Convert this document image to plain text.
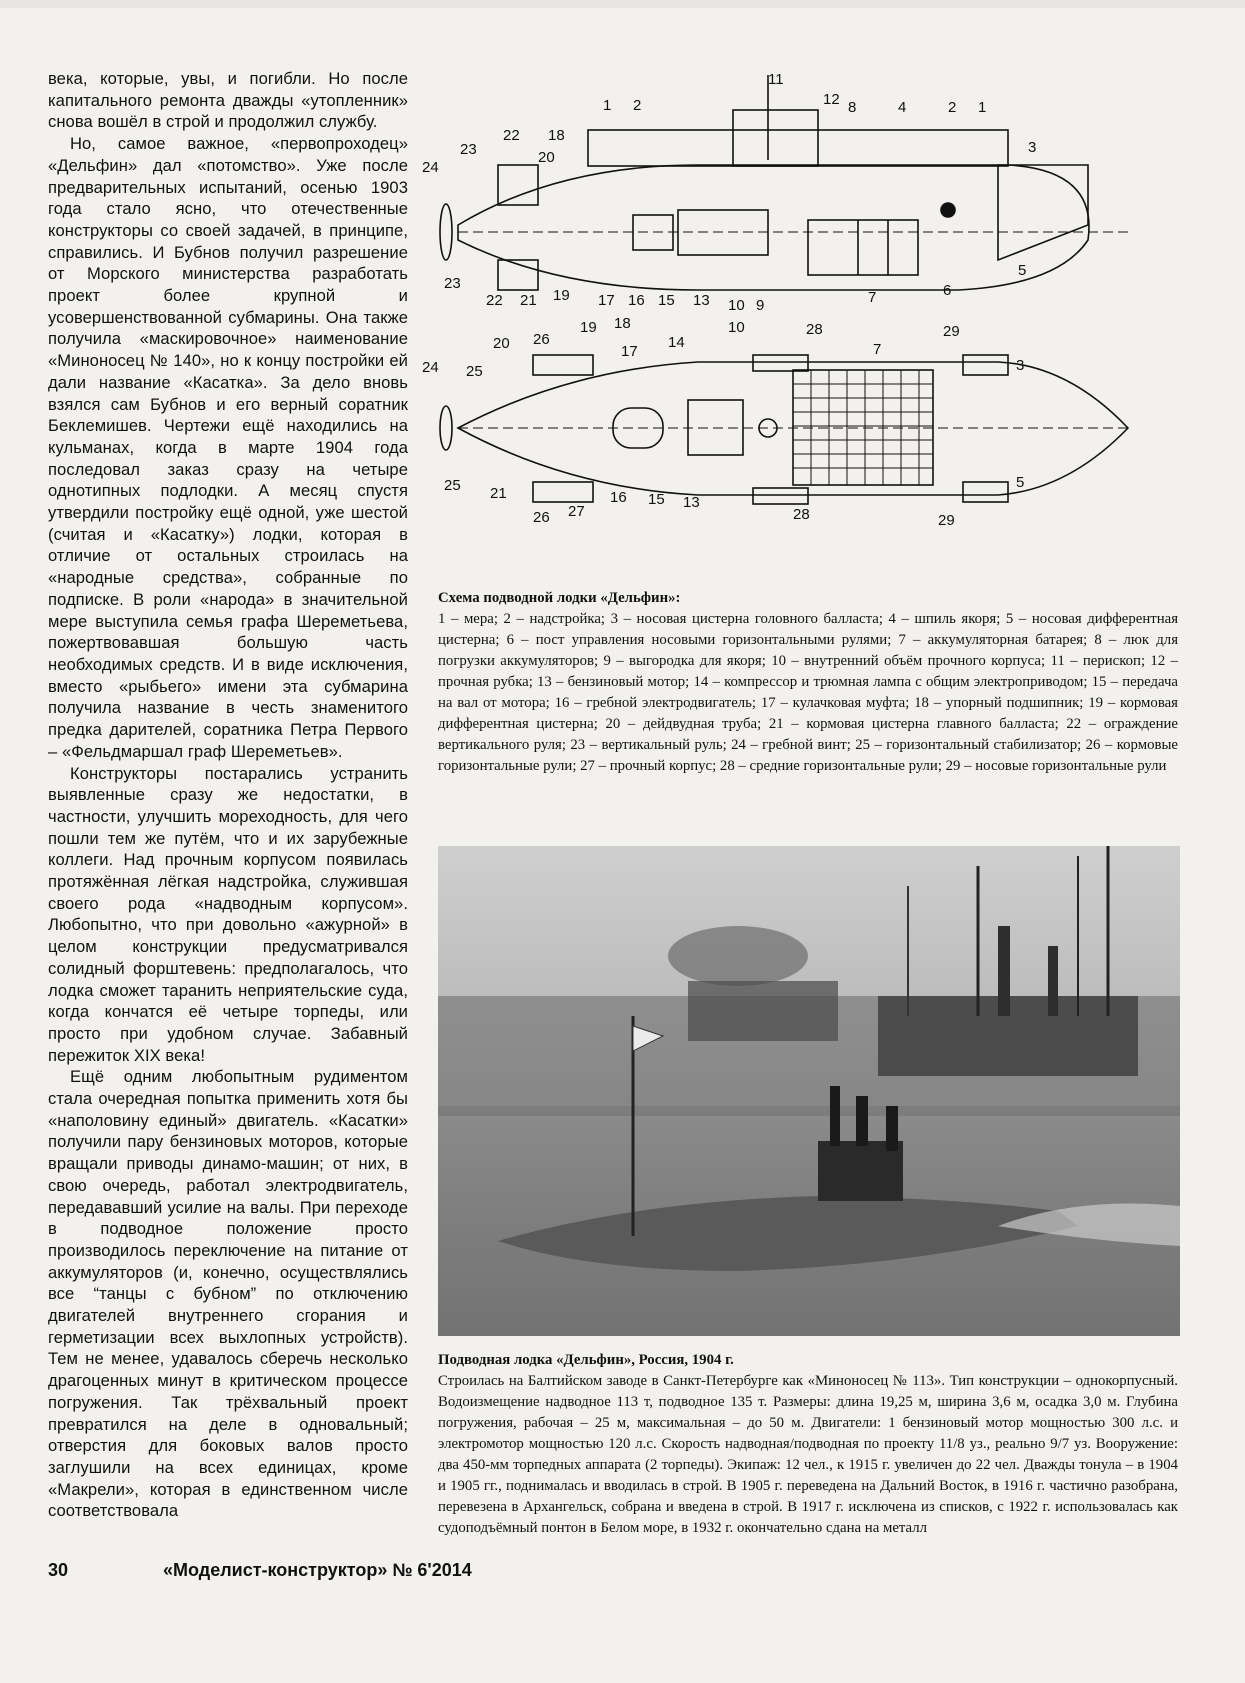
века, которые, увы, и погибли. Но после капитального ремонта дважды «утопленник» снова вошёл в строй и продолжил службу.

Но, самое важное, «первопроходец» «Дельфин» дал «потомство». Уже после предварительных испытаний, осенью 1903 года стало ясно, что отечественные конструкторы со своей задачей, в принципе, справились. И Бубнов получил разрешение от Морского министерства разработать проект более крупной и усовершенствованной субмарины. Она также получила «маскировочное» наименование «Миноносец № 140», но к концу постройки ей дали название «Касатка». За дело вновь взялся сам Бубнов и его верный соратник Беклемишев. Чертежи ещё находились на кульманах, когда в марте 1904 года последовал заказ сразу на четыре однотипных подлодки. А месяц спустя утвердили постройку ещё одной, уже шестой (считая и «Касатку») лодки, которая в отличие от остальных строилась на «народные средства», собранные по подписке. В роли «народа» в значительной мере выступила семья графа Шереметьева, пожертвовавшая большую часть необходимых средств. И в виде исключения, вместо «рыбьего» имени эта субмарина получила название в честь знаменитого предка дарителей, соратника Петра Первого – «Фельдмаршал граф Шереметьев».

Конструкторы постарались устранить выявленные сразу же недостатки, в частности, улучшить мореходность, для чего пошли тем же путём, что и их зарубежные коллеги. Над прочным корпусом появилась протяжённая лёгкая надстройка, служившая своего рода «надводным корпусом». Любопытно, что при довольно «ажурной» в целом конструкции предусматривался солидный форштевень: предполагалось, что лодка сможет таранить неприятельские суда, когда кончатся её четыре торпеды, или просто при удобном случае. Забавный пережиток XIX века!

Ещё одним любопытным рудиментом стала очередная попытка применить хотя бы «наполовину единый» двигатель. «Касатки» получили пару бензиновых моторов, которые вращали приводы динамо-машин; от них, в свою очередь, работал электродвигатель, передававший усилие на валы. При переходе в подводное положение просто производилось переключение на питание от аккумуляторов (и, конечно, осуществлялись все “танцы с бубном” по отключению двигателей внутреннего сгорания и герметизации всех выхлопных устройств). Тем не менее, удавалось сберечь несколько драгоценных минут в критическом процессе погружения. Так трёхвальный проект превратился на деле в одновальный; отверстия для боковых валов просто заглушили на всех единицах, кроме «Макрели», которая в единственном числе соответствовала

11
1 2	12 8	4	2 1
3
5
6
7
9
10
13
15
16
17
18
19
20
21
22
22
23
23
24
19 18
17
14
10	28
7
29
3
5
29
28
13
15
16
27
26
26
21
25
25
20
24
Схема подводной лодки «Дельфин»:
1 – мера; 2 – надстройка; 3 – носовая цистерна головного балласта; 4 – шпиль якоря; 5 – носовая дифферентная цистерна; 6 – пост управления носовыми горизонтальными рулями; 7 – аккумуляторная батарея; 8 – люк для погрузки аккумуляторов; 9 – выгородка для якоря; 10 – внутренний объём прочного корпуса; 11 – перископ; 12 – прочная рубка; 13 – бензиновый мотор; 14 – компрессор и трюмная лампа с общим электроприводом; 15 – передача на вал от мотора; 16 – гребной электродвигатель; 17 – кулачковая муфта; 18 – упорный подшипник; 19 – кормовая дифферентная цистерна; 20 – дейдвудная труба; 21 – кормовая цистерна главного балласта; 22 – ограждение вертикального руля; 23 – вертикальный руль; 24 – гребной винт; 25 – горизонтальный стабилизатор; 26 – кормовые горизонтальные рули; 27 – прочный корпус; 28 – средние горизонтальные рули; 29 – носовые горизонтальные рули
Подводная лодка «Дельфин», Россия, 1904 г.
Строилась на Балтийском заводе в Санкт-Петербурге как «Миноносец № 113». Тип конструкции – однокорпусный. Водоизмещение надводное 113 т, подводное 135 т. Размеры: длина 19,25 м, ширина 3,6 м, осадка 3,0 м. Глубина погружения, рабочая – 25 м, максимальная – до 50 м. Двигатели: 1 бензиновый мотор мощностью 300 л.с. и электромотор мощностью 120 л.с. Скорость надводная/подводная по проекту 11/8 уз., реально 9/7 уз. Вооружение: два 450-мм торпедных аппарата (2 торпеды). Экипаж: 12 чел., к 1915 г. увеличен до 22 чел. Дважды тонула – в 1904 и 1905 гг., поднималась и вводилась в строй. В 1905 г. переведена на Дальний Восток, в 1916 г. частично разобрана, перевезена в Архангельск, собрана и введена в строй. В 1917 г. исключена из списков, с 1922 г. использовалась как судоподъёмный понтон в Белом море, в 1932 г. окончательно сдана на металл
30	«Моделист-конструктор» № 6'2014
